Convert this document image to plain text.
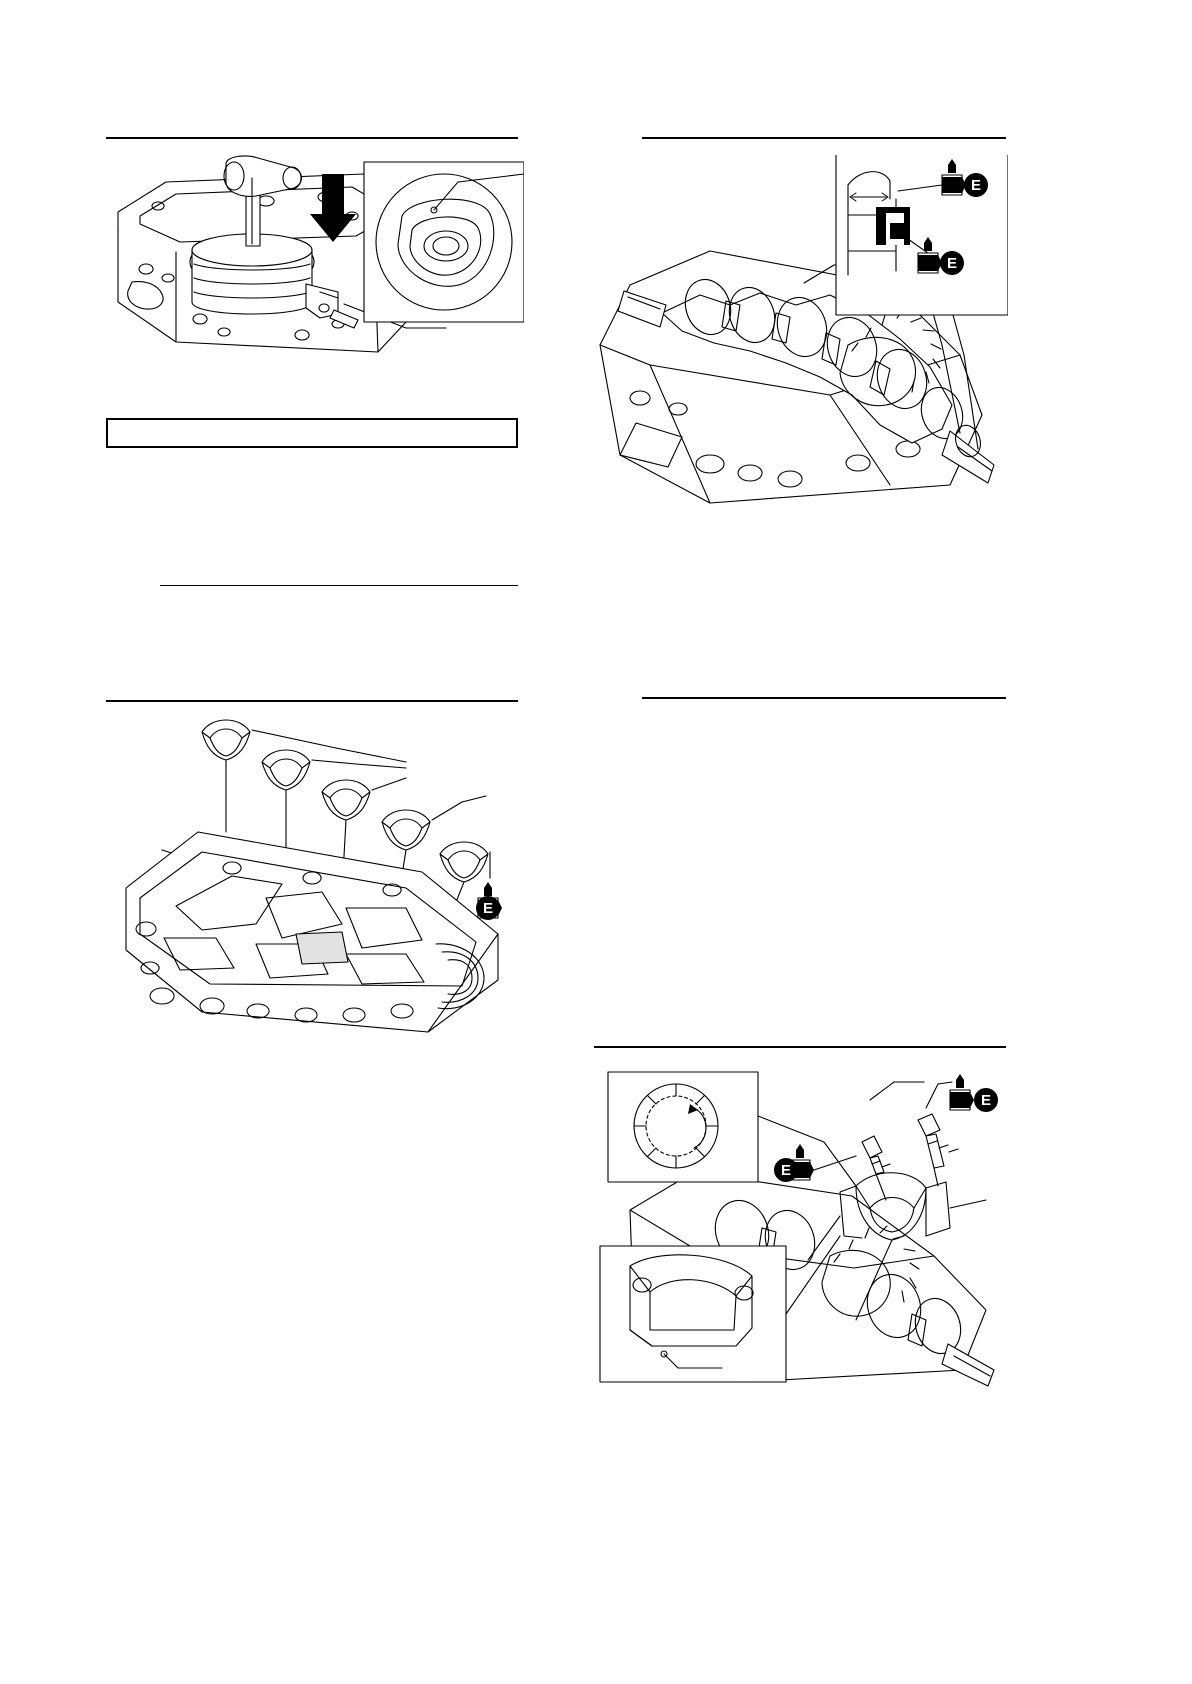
E
E
E
E
E
